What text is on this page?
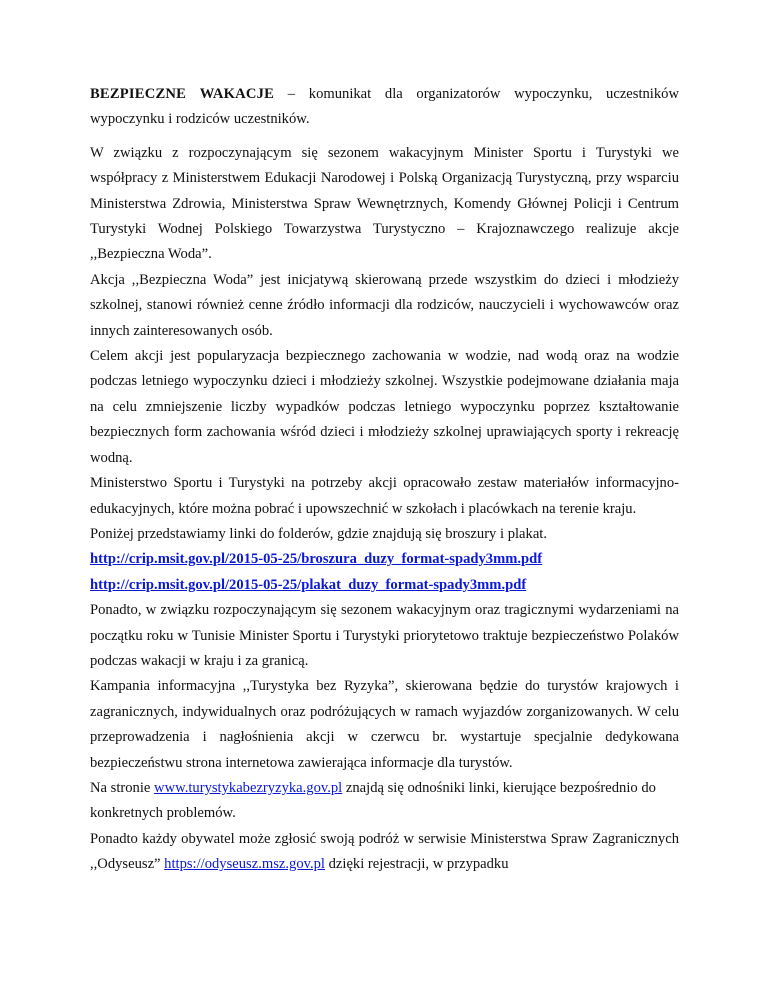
BEZPIECZNE WAKACJE – komunikat dla organizatorów wypoczynku, uczestników wypoczynku i rodziców uczestników.

W związku z rozpoczynającym się sezonem wakacyjnym Minister Sportu i Turystyki we współpracy z Ministerstwem Edukacji Narodowej i Polską Organizacją Turystyczną, przy wsparciu Ministerstwa Zdrowia, Ministerstwa Spraw Wewnętrznych, Komendy Głównej Policji i Centrum Turystyki Wodnej Polskiego Towarzystwa Turystyczno – Krajoznawczego realizuje akcje ,,Bezpieczna Woda”.

Akcja ,,Bezpieczna Woda” jest inicjatywą skierowaną przede wszystkim do dzieci i młodzieży szkolnej, stanowi również cenne źródło informacji dla rodziców, nauczycieli i wychowawców oraz innych zainteresowanych osób.

Celem akcji jest popularyzacja bezpiecznego zachowania w wodzie, nad wodą oraz na wodzie podczas letniego wypoczynku dzieci i młodzieży szkolnej. Wszystkie podejmowane działania maja na celu zmniejszenie liczby wypadków podczas letniego wypoczynku poprzez kształtowanie bezpiecznych form zachowania wśród dzieci i młodzieży szkolnej uprawiających sporty i rekreację wodną.

Ministerstwo Sportu i Turystyki na potrzeby akcji opracowało zestaw materiałów informacyjno-edukacyjnych, które można pobrać i upowszechnić w szkołach i placówkach na terenie kraju.

Poniżej przedstawiamy linki do folderów, gdzie znajdują się broszury i plakat.

http://crip.msit.gov.pl/2015-05-25/broszura_duzy_format-spady3mm.pdf

http://crip.msit.gov.pl/2015-05-25/plakat_duzy_format-spady3mm.pdf

Ponadto, w związku rozpoczynającym się sezonem wakacyjnym oraz tragicznymi wydarzeniami na początku roku w Tunisie Minister Sportu i Turystyki priorytetowo traktuje bezpieczeństwo Polaków podczas wakacji w kraju i za granicą.

Kampania informacyjna ,,Turystyka bez Ryzyka”, skierowana będzie do turystów krajowych i zagranicznych, indywidualnych oraz podróżujących w ramach wyjazdów zorganizowanych. W celu przeprowadzenia i nagłośnienia akcji w czerwcu br. wystartuje specjalnie dedykowana bezpieczeństwu strona internetowa zawierająca informacje dla turystów.

Na stronie www.turystykabezryzyka.gov.pl znajdą się odnośniki linki, kierujące bezpośrednio do konkretnych problemów.

Ponadto każdy obywatel może zgłosić swoją podróż w serwisie Ministerstwa Spraw Zagranicznych ,,Odyseusz” https://odyseusz.msz.gov.pl dzięki rejestracji, w przypadku
